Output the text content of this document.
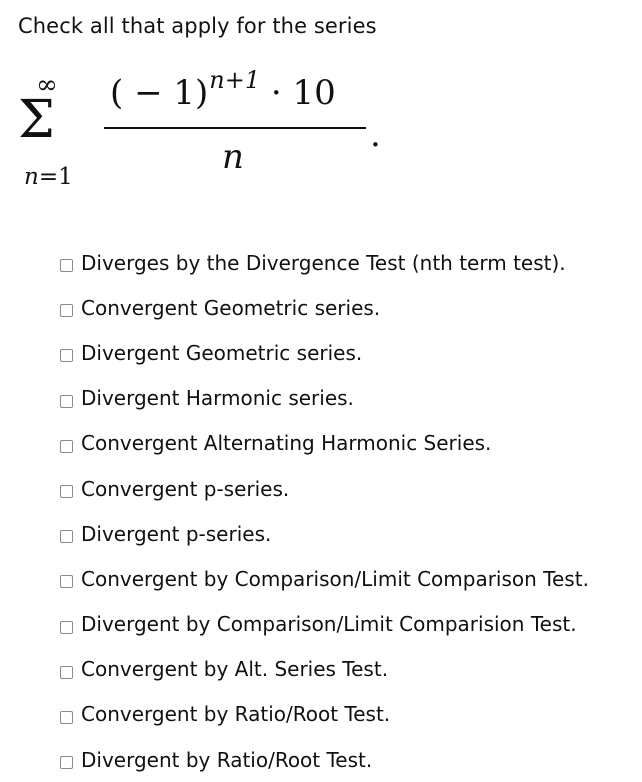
Check all that apply for the series
∞
Σ
n=1
( − 1)$^{n+1}$ · 10
n
.
Diverges by the Divergence Test (nth term test).
Convergent Geometric series.
Divergent Geometric series.
Divergent Harmonic series.
Convergent Alternating Harmonic Series.
Convergent p-series.
Divergent p-series.
Convergent by Comparison/Limit Comparison Test.
Divergent by Comparison/Limit Comparision Test.
Convergent by Alt. Series Test.
Convergent by Ratio/Root Test.
Divergent by Ratio/Root Test.
